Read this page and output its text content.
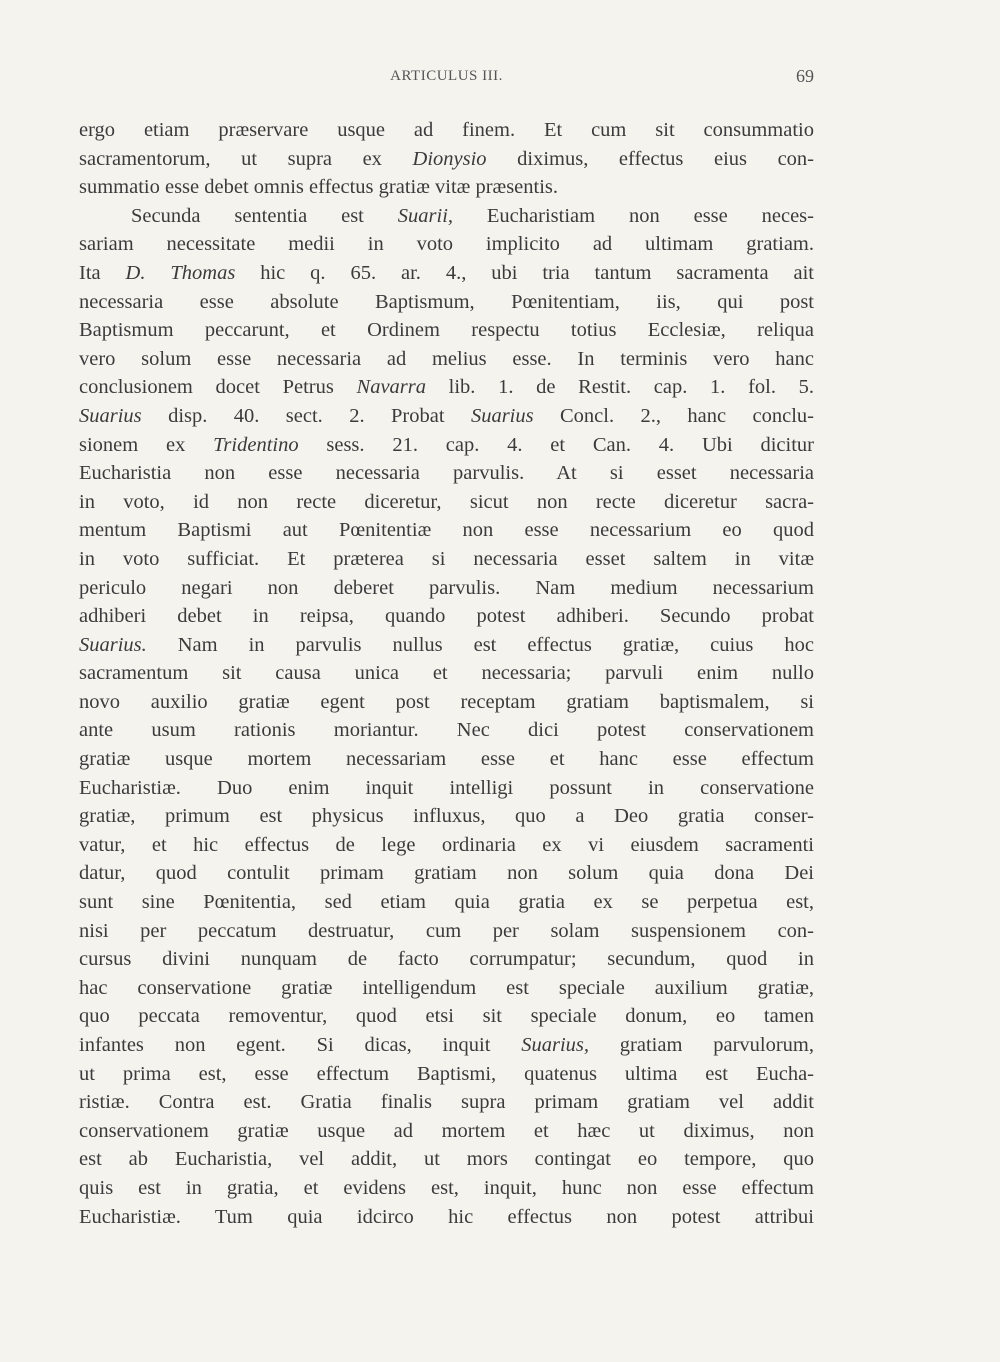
ARTICULUS III.	69
ergo etiam præservare usque ad finem. Et cum sit consummatio
sacramentorum, ut supra ex Dionysio diximus, effectus eius con-
summatio esse debet omnis effectus gratiæ vitæ præsentis.
Secunda sententia est Suarii, Eucharistiam non esse neces-
sariam necessitate medii in voto implicito ad ultimam gratiam.
Ita D. Thomas hic q. 65. ar. 4., ubi tria tantum sacramenta ait
necessaria esse absolute Baptismum, Pœnitentiam, iis, qui post
Baptismum peccarunt, et Ordinem respectu totius Ecclesiæ, reliqua
vero solum esse necessaria ad melius esse. In terminis vero hanc
conclusionem docet Petrus Navarra lib. 1. de Restit. cap. 1. fol. 5.
Suarius disp. 40. sect. 2. Probat Suarius Concl. 2., hanc conclu-
sionem ex Tridentino sess. 21. cap. 4. et Can. 4. Ubi dicitur
Eucharistia non esse necessaria parvulis. At si esset necessaria
in voto, id non recte diceretur, sicut non recte diceretur sacra-
mentum Baptismi aut Pœnitentiæ non esse necessarium eo quod
in voto sufficiat. Et præterea si necessaria esset saltem in vitæ
periculo negari non deberet parvulis. Nam medium necessarium
adhiberi debet in reipsa, quando potest adhiberi. Secundo probat
Suarius. Nam in parvulis nullus est effectus gratiæ, cuius hoc
sacramentum sit causa unica et necessaria; parvuli enim nullo
novo auxilio gratiæ egent post receptam gratiam baptismalem, si
ante usum rationis moriantur. Nec dici potest conservationem
gratiæ usque mortem necessariam esse et hanc esse effectum
Eucharistiæ. Duo enim inquit intelligi possunt in conservatione
gratiæ, primum est physicus influxus, quo a Deo gratia conser-
vatur, et hic effectus de lege ordinaria ex vi eiusdem sacramenti
datur, quod contulit primam gratiam non solum quia dona Dei
sunt sine Pœnitentia, sed etiam quia gratia ex se perpetua est,
nisi per peccatum destruatur, cum per solam suspensionem con-
cursus divini nunquam de facto corrumpatur; secundum, quod in
hac conservatione gratiæ intelligendum est speciale auxilium gratiæ,
quo peccata removentur, quod etsi sit speciale donum, eo tamen
infantes non egent. Si dicas, inquit Suarius, gratiam parvulorum,
ut prima est, esse effectum Baptismi, quatenus ultima est Eucha-
ristiæ. Contra est. Gratia finalis supra primam gratiam vel addit
conservationem gratiæ usque ad mortem et hæc ut diximus, non
est ab Eucharistia, vel addit, ut mors contingat eo tempore, quo
quis est in gratia, et evidens est, inquit, hunc non esse effectum
Eucharistiæ. Tum quia idcirco hic effectus non potest attribui
